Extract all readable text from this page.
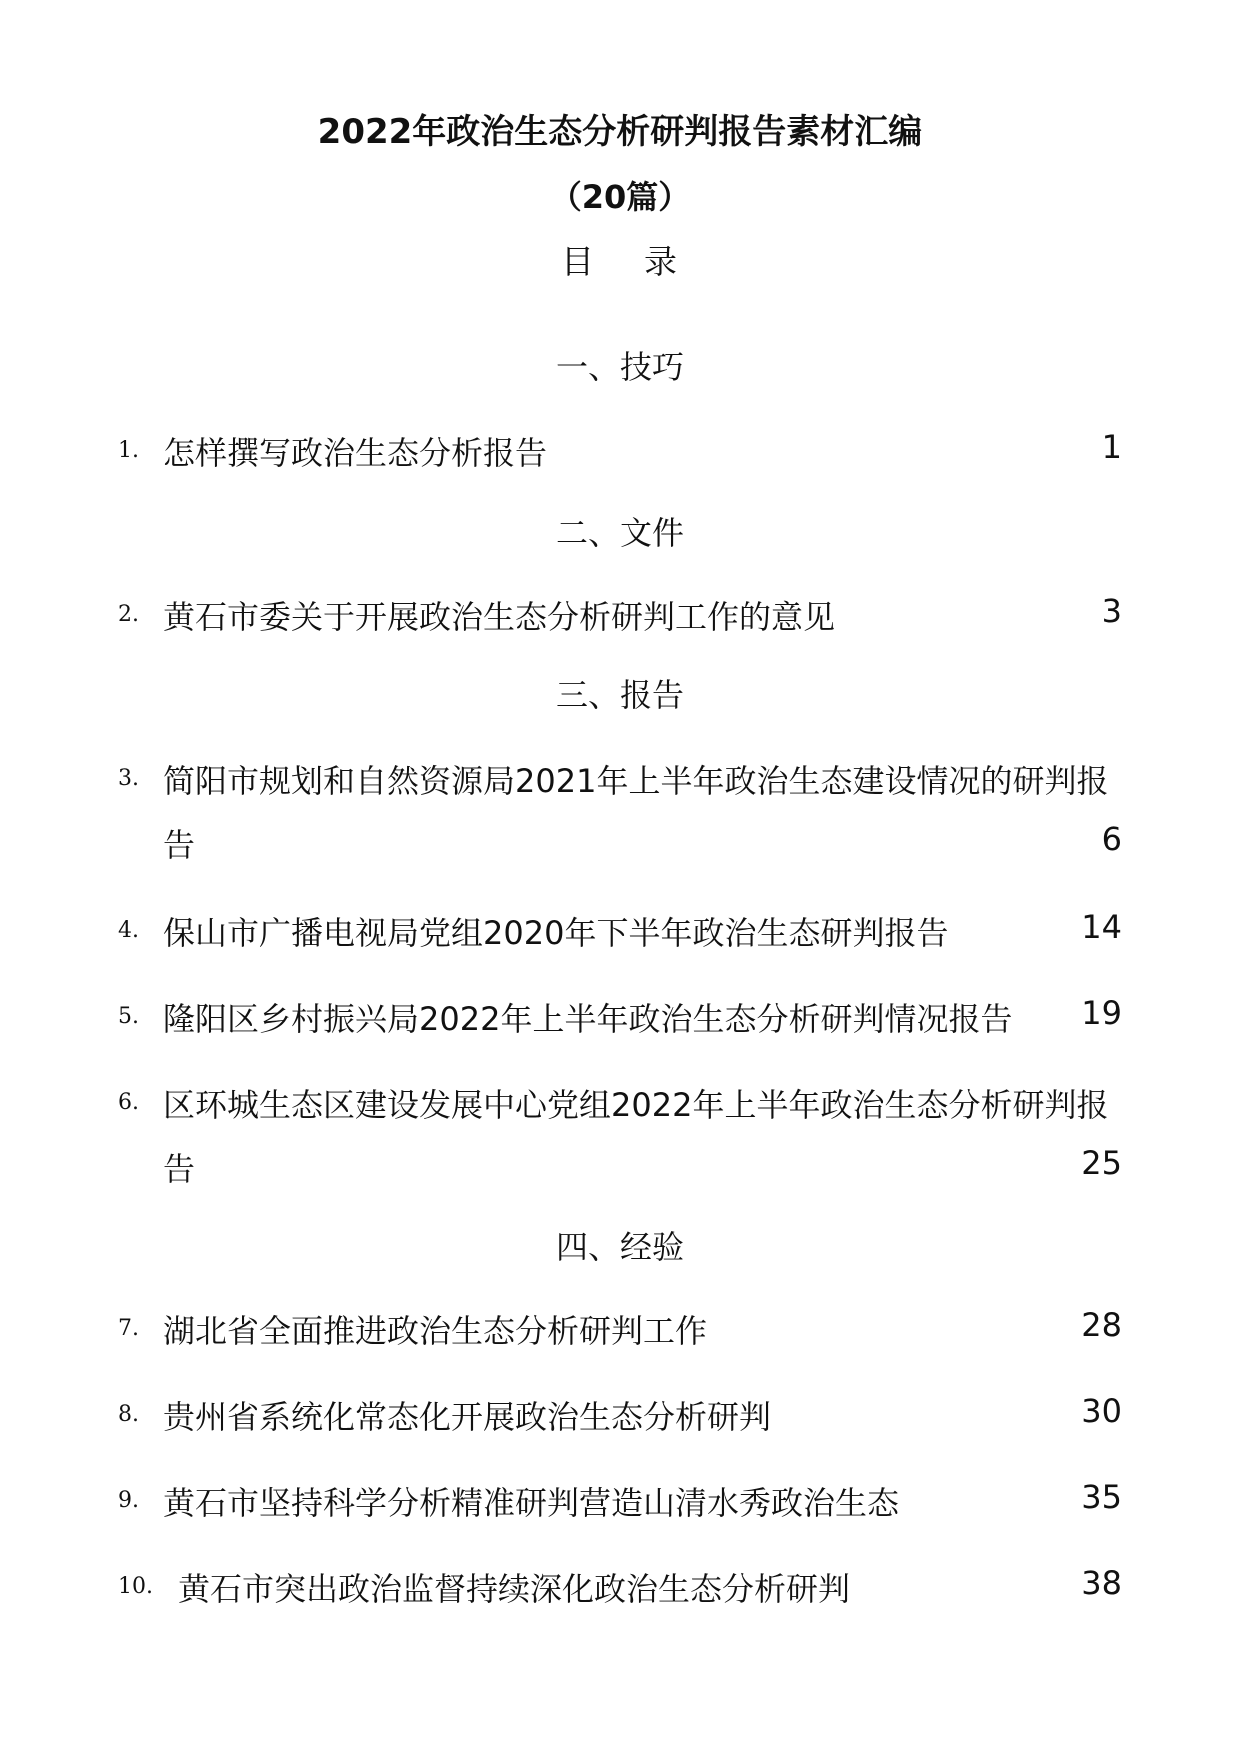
2022年政治生态分析研判报告素材汇编
（20篇）
目 录
一、技巧
1. 怎样撰写政治生态分析报告	1
二、文件
2. 黄石市委关于开展政治生态分析研判工作的意见	3
三、报告
3. 简阳市规划和自然资源局2021年上半年政治生态建设情况的研判报
告	6
4. 保山市广播电视局党组2020年下半年政治生态研判报告	14
5. 隆阳区乡村振兴局2022年上半年政治生态分析研判情况报告 19
6. 区环城生态区建设发展中心党组2022年上半年政治生态分析研判报
告	25
四、经验
7. 湖北省全面推进政治生态分析研判工作	28
8. 贵州省系统化常态化开展政治生态分析研判	30
9. 黄石市坚持科学分析精准研判营造山清水秀政治生态	35
10. 黄石市突出政治监督持续深化政治生态分析研判	38
